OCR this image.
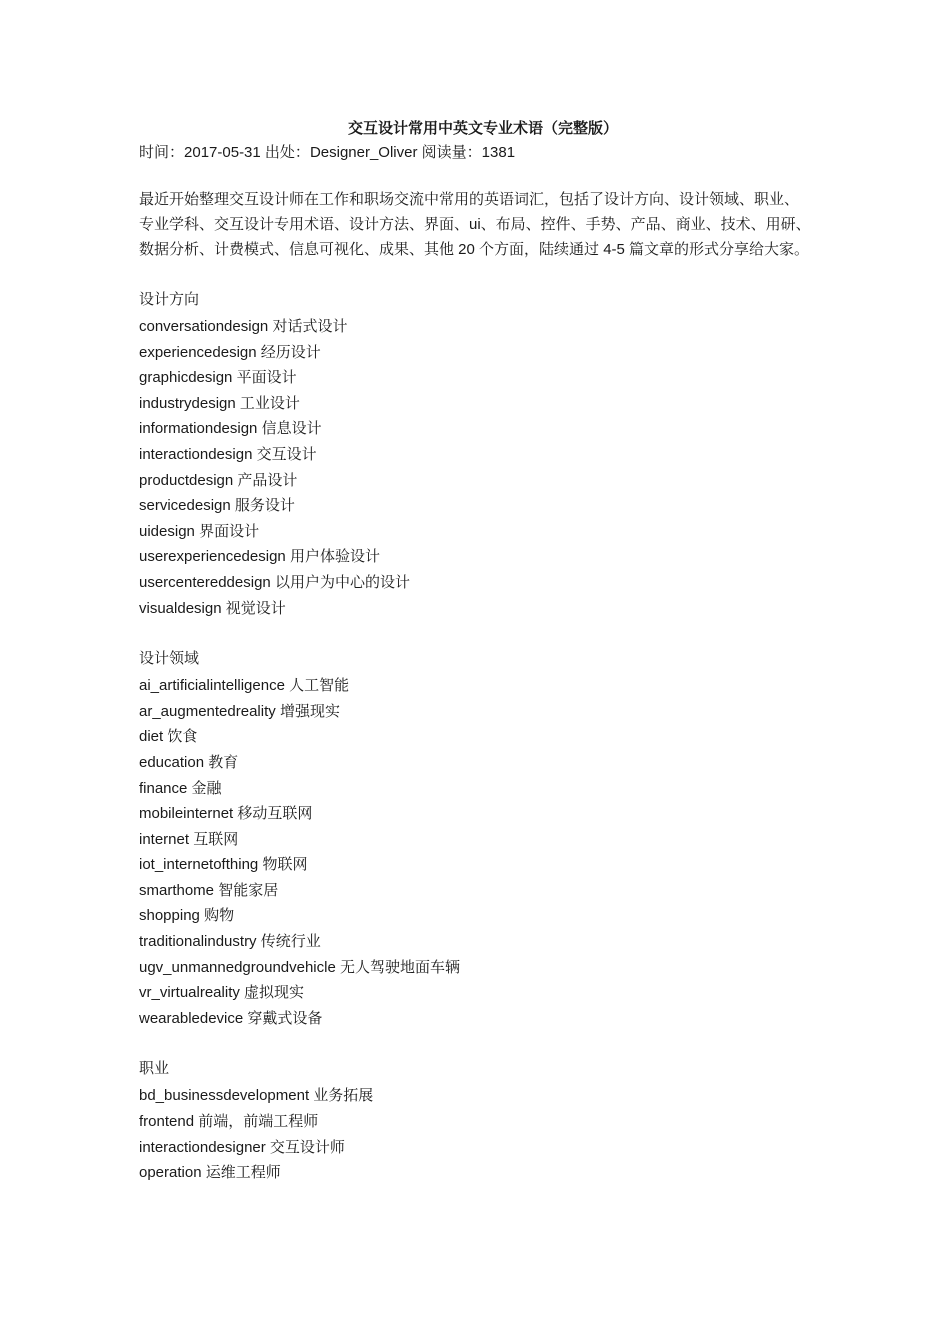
交互设计常用中英文专业术语（完整版）

时间：2017-05-31 出处：Designer_Oliver 阅读量：1381

最近开始整理交互设计师在工作和职场交流中常用的英语词汇，包括了设计方向、设计领域、职业、专业学科、交互设计专用术语、设计方法、界面、ui、布局、控件、手势、产品、商业、技术、用研、数据分析、计费模式、信息可视化、成果、其他 20 个方面，陆续通过 4-5 篇文章的形式分享给大家。

设计方向
conversationdesign 对话式设计
experiencedesign 经历设计
graphicdesign 平面设计
industrydesign 工业设计
informationdesign 信息设计
interactiondesign 交互设计
productdesign 产品设计
servicedesign 服务设计
uidesign 界面设计
userexperiencedesign 用户体验设计
usercentereddesign 以用户为中心的设计
visualdesign 视觉设计
设计领域
ai_artificialintelligence 人工智能
ar_augmentedreality 增强现实
diet 饮食
education 教育
finance 金融
mobileinternet 移动互联网
internet 互联网
iot_internetofthing 物联网
smarthome 智能家居
shopping 购物
traditionalindustry 传统行业
ugv_unmannedgroundvehicle 无人驾驶地面车辆
vr_virtualreality 虚拟现实
wearabledevice 穿戴式设备
职业
bd_businessdevelopment 业务拓展
frontend 前端，前端工程师
interactiondesigner 交互设计师
operation 运维工程师
